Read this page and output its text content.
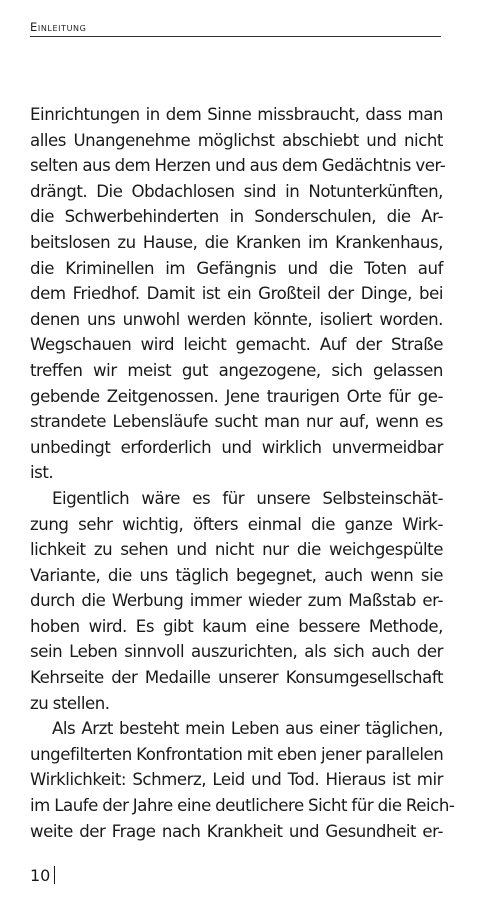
Einleitung
Einrichtungen in dem Sinne missbraucht, dass man
alles Unangenehme möglichst abschiebt und nicht
selten aus dem Herzen und aus dem Gedächtnis ver-
drängt. Die Obdachlosen sind in Notunterkünften,
die Schwerbehinderten in Sonderschulen, die Ar-
beitslosen zu Hause, die Kranken im Krankenhaus,
die Kriminellen im Gefängnis und die Toten auf
dem Friedhof. Damit ist ein Großteil der Dinge, bei
denen uns unwohl werden könnte, isoliert worden.
Wegschauen wird leicht gemacht. Auf der Straße
treffen wir meist gut angezogene, sich gelassen
gebende Zeitgenossen. Jene traurigen Orte für ge-
strandete Lebensläufe sucht man nur auf, wenn es
unbedingt erforderlich und wirklich unvermeidbar
ist.
Eigentlich wäre es für unsere Selbsteinschät-
zung sehr wichtig, öfters einmal die ganze Wirk-
lichkeit zu sehen und nicht nur die weichgespülte
Variante, die uns täglich begegnet, auch wenn sie
durch die Werbung immer wieder zum Maßstab er-
hoben wird. Es gibt kaum eine bessere Methode,
sein Leben sinnvoll auszurichten, als sich auch der
Kehrseite der Medaille unserer Konsumgesellschaft
zu stellen.
Als Arzt besteht mein Leben aus einer täglichen,
ungefilterten Konfrontation mit eben jener parallelen
Wirklichkeit: Schmerz, Leid und Tod. Hieraus ist mir
im Laufe der Jahre eine deutlichere Sicht für die Reich-
weite der Frage nach Krankheit und Gesundheit er-
10
